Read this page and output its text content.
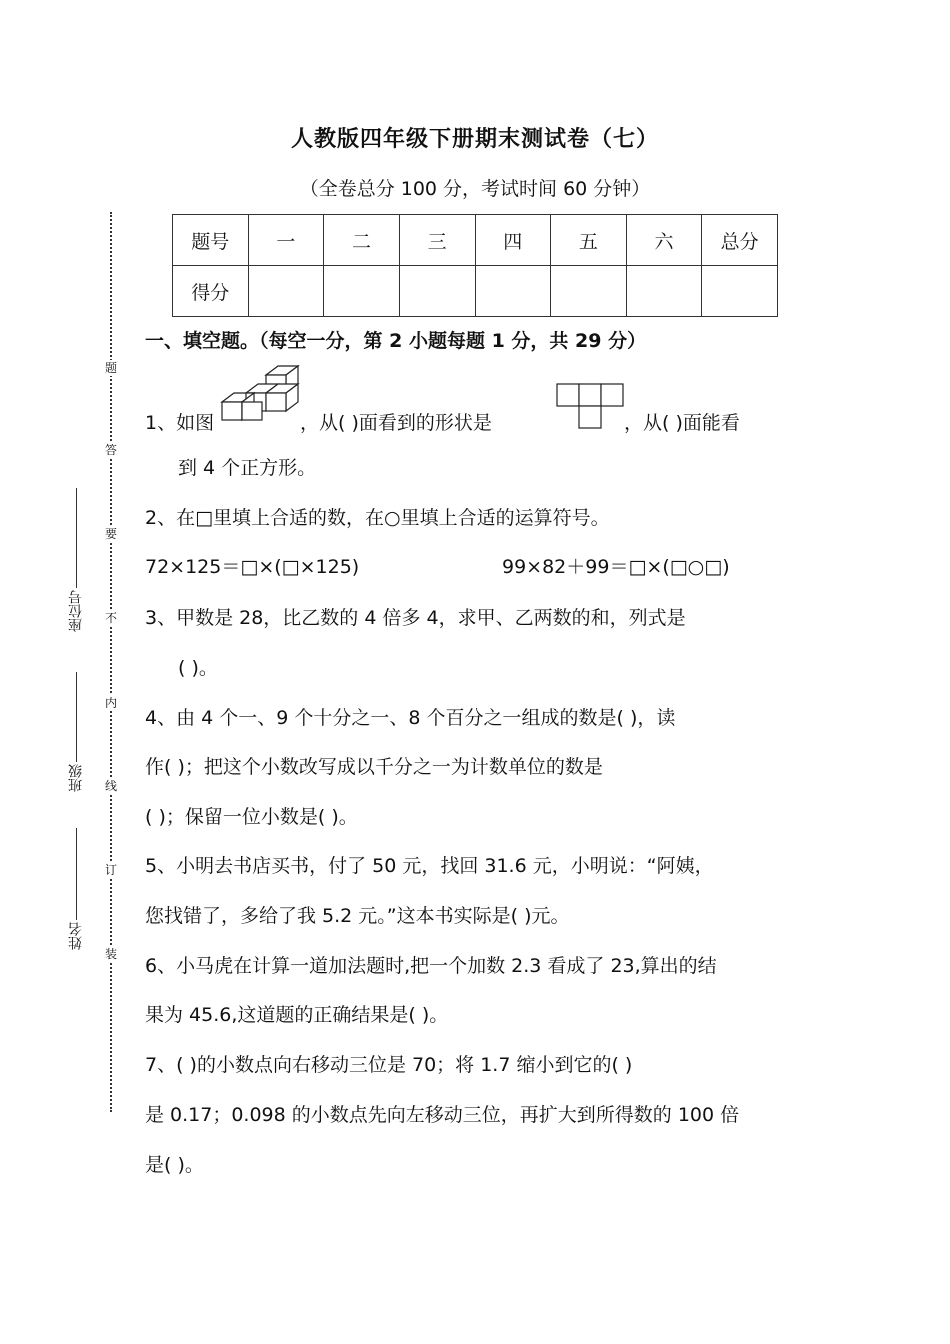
人教版四年级下册期末测试卷（七）
（全卷总分 100 分，考试时间 60 分钟）
题号	一	二	三	四	五	六	总分
得分							
题
答
要
不
内
线
订
装
座位号
班级
姓名
一、填空题。（每空一分，第 2 小题每题 1 分，共 29 分）
1、如图	，从( )面看到的形状是	，从( )面能看
到 4 个正方形。
2、在□里填上合适的数，在○里填上合适的运算符号。
72×125＝□×(□×125)	99×82＋99＝□×(□○□)
3、甲数是 28，比乙数的 4 倍多 4，求甲、乙两数的和，列式是
( )。
4、由 4 个一、9 个十分之一、8 个百分之一组成的数是( )，读
作( )；把这个小数改写成以千分之一为计数单位的数是
( )；保留一位小数是( )。
5、小明去书店买书，付了 50 元，找回 31.6 元，小明说：“阿姨，
您找错了，多给了我 5.2 元。”这本书实际是( )元。
6、小马虎在计算一道加法题时,把一个加数 2.3 看成了 23,算出的结
果为 45.6,这道题的正确结果是( )。
7、( )的小数点向右移动三位是 70；将 1.7 缩小到它的( )
是 0.17；0.098 的小数点先向左移动三位，再扩大到所得数的 100 倍
是( )。
